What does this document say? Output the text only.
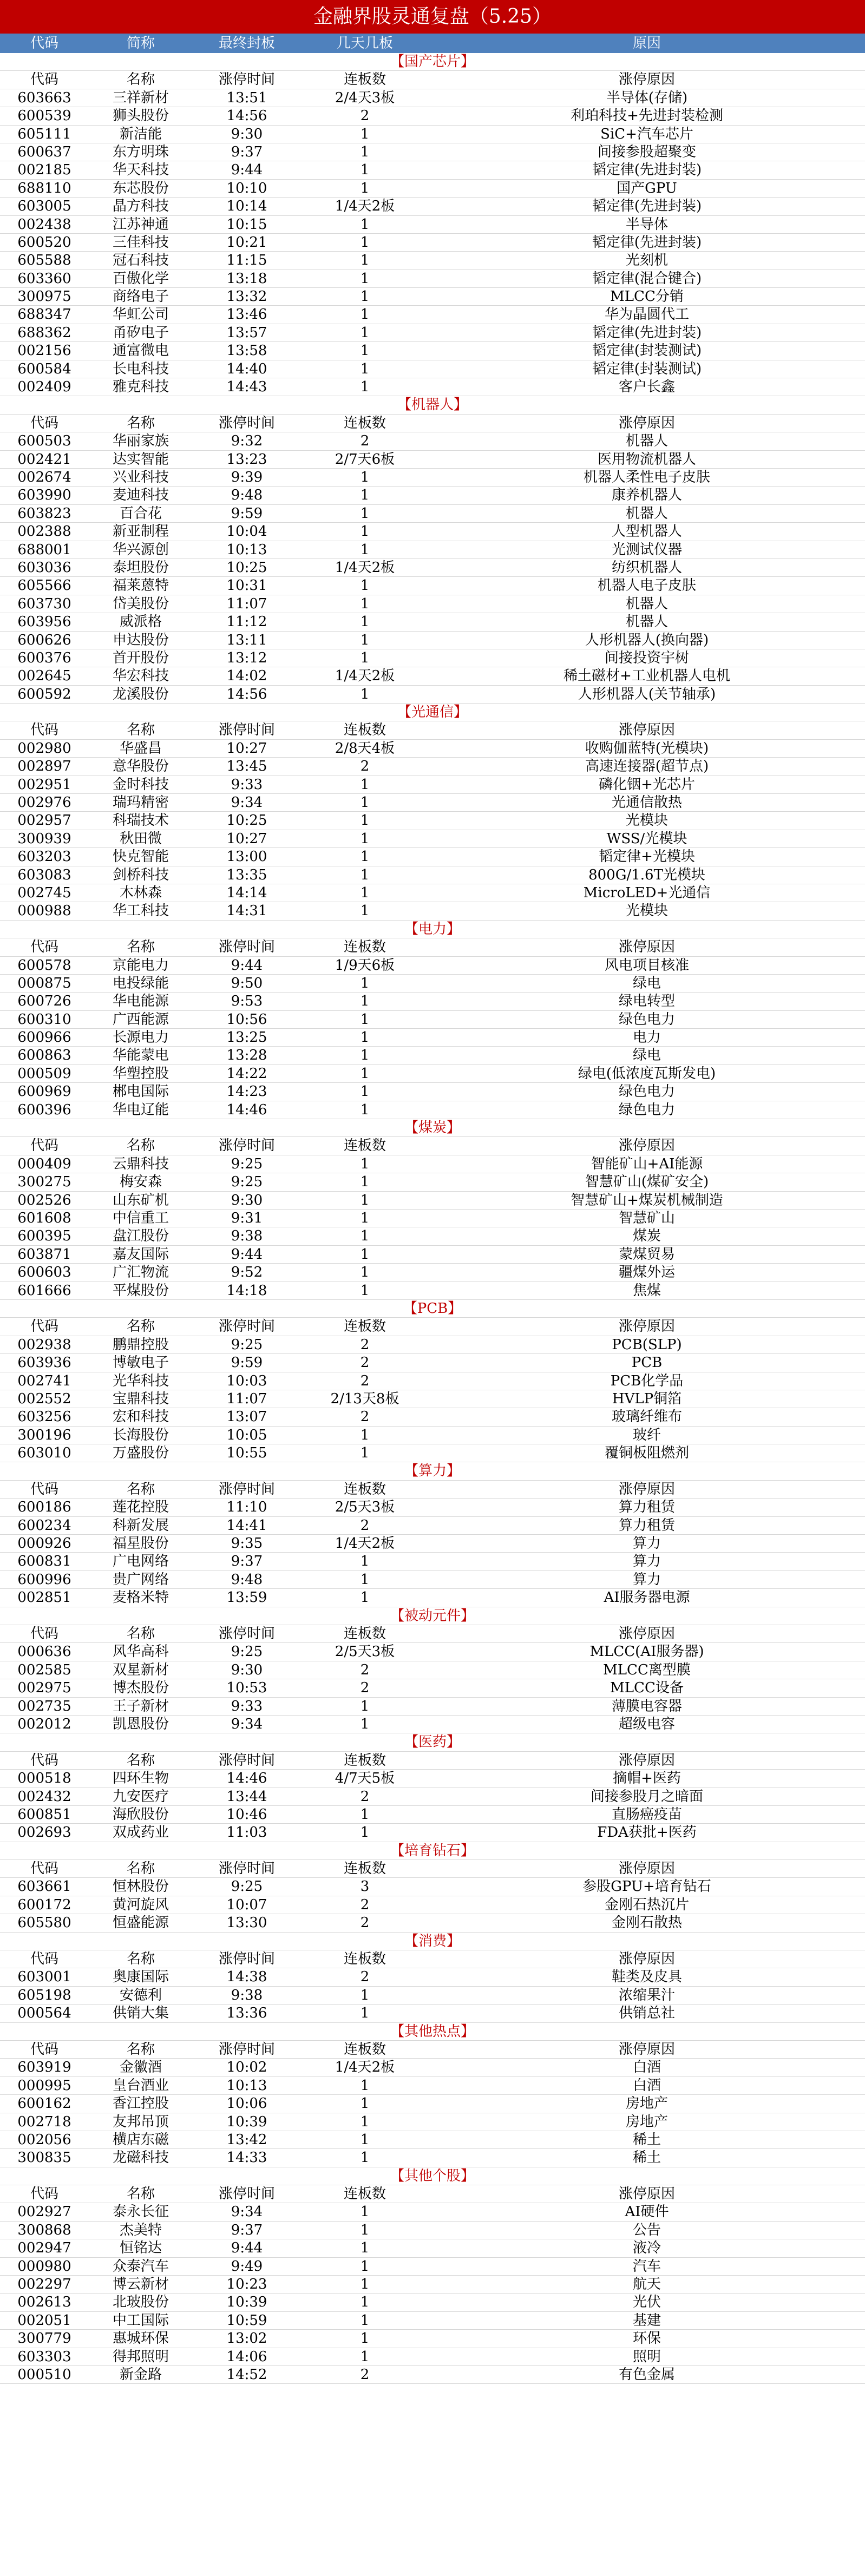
金融界股灵通复盘（5.25）
代码	简称	最终封板	几天几板	原因
【国产芯片】
代码	名称	涨停时间	连板数	涨停原因
603663	三祥新材	13:51	2/4天3板	半导体(存储)
600539	狮头股份	14:56	2	利珀科技+先进封装检测
605111	新洁能	9:30	1	SiC+汽车芯片
600637	东方明珠	9:37	1	间接参股超聚变
002185	华天科技	9:44	1	韬定律(先进封装)
688110	东芯股份	10:10	1	国产GPU
603005	晶方科技	10:14	1/4天2板	韬定律(先进封装)
002438	江苏神通	10:15	1	半导体
600520	三佳科技	10:21	1	韬定律(先进封装)
605588	冠石科技	11:15	1	光刻机
603360	百傲化学	13:18	1	韬定律(混合键合)
300975	商络电子	13:32	1	MLCC分销
688347	华虹公司	13:46	1	华为晶圆代工
688362	甬矽电子	13:57	1	韬定律(先进封装)
002156	通富微电	13:58	1	韬定律(封装测试)
600584	长电科技	14:40	1	韬定律(封装测试)
002409	雅克科技	14:43	1	客户长鑫
【机器人】
代码	名称	涨停时间	连板数	涨停原因
600503	华丽家族	9:32	2	机器人
002421	达实智能	13:23	2/7天6板	医用物流机器人
002674	兴业科技	9:39	1	机器人柔性电子皮肤
603990	麦迪科技	9:48	1	康养机器人
603823	百合花	9:59	1	机器人
002388	新亚制程	10:04	1	人型机器人
688001	华兴源创	10:13	1	光测试仪器
603036	泰坦股份	10:25	1/4天2板	纺织机器人
605566	福莱蒽特	10:31	1	机器人电子皮肤
603730	岱美股份	11:07	1	机器人
603956	威派格	11:12	1	机器人
600626	申达股份	13:11	1	人形机器人(换向器)
600376	首开股份	13:12	1	间接投资宇树
002645	华宏科技	14:02	1/4天2板	稀土磁材+工业机器人电机
600592	龙溪股份	14:56	1	人形机器人(关节轴承)
【光通信】
代码	名称	涨停时间	连板数	涨停原因
002980	华盛昌	10:27	2/8天4板	收购伽蓝特(光模块)
002897	意华股份	13:45	2	高速连接器(超节点)
002951	金时科技	9:33	1	磷化铟+光芯片
002976	瑞玛精密	9:34	1	光通信散热
002957	科瑞技术	10:25	1	光模块
300939	秋田微	10:27	1	WSS/光模块
603203	快克智能	13:00	1	韬定律+光模块
603083	剑桥科技	13:35	1	800G/1.6T光模块
002745	木林森	14:14	1	MicroLED+光通信
000988	华工科技	14:31	1	光模块
【电力】
代码	名称	涨停时间	连板数	涨停原因
600578	京能电力	9:44	1/9天6板	风电项目核准
000875	电投绿能	9:50	1	绿电
600726	华电能源	9:53	1	绿电转型
600310	广西能源	10:56	1	绿色电力
600966	长源电力	13:25	1	电力
600863	华能蒙电	13:28	1	绿电
000509	华塑控股	14:22	1	绿电(低浓度瓦斯发电)
600969	郴电国际	14:23	1	绿色电力
600396	华电辽能	14:46	1	绿色电力
【煤炭】
代码	名称	涨停时间	连板数	涨停原因
000409	云鼎科技	9:25	1	智能矿山+AI能源
300275	梅安森	9:25	1	智慧矿山(煤矿安全)
002526	山东矿机	9:30	1	智慧矿山+煤炭机械制造
601608	中信重工	9:31	1	智慧矿山
600395	盘江股份	9:38	1	煤炭
603871	嘉友国际	9:44	1	蒙煤贸易
600603	广汇物流	9:52	1	疆煤外运
601666	平煤股份	14:18	1	焦煤
【PCB】
代码	名称	涨停时间	连板数	涨停原因
002938	鹏鼎控股	9:25	2	PCB(SLP)
603936	博敏电子	9:59	2	PCB
002741	光华科技	10:03	2	PCB化学品
002552	宝鼎科技	11:07	2/13天8板	HVLP铜箔
603256	宏和科技	13:07	2	玻璃纤维布
300196	长海股份	10:05	1	玻纤
603010	万盛股份	10:55	1	覆铜板阻燃剂
【算力】
代码	名称	涨停时间	连板数	涨停原因
600186	莲花控股	11:10	2/5天3板	算力租赁
600234	科新发展	14:41	2	算力租赁
000926	福星股份	9:35	1/4天2板	算力
600831	广电网络	9:37	1	算力
600996	贵广网络	9:48	1	算力
002851	麦格米特	13:59	1	AI服务器电源
【被动元件】
代码	名称	涨停时间	连板数	涨停原因
000636	风华高科	9:25	2/5天3板	MLCC(AI服务器)
002585	双星新材	9:30	2	MLCC离型膜
002975	博杰股份	10:53	2	MLCC设备
002735	王子新材	9:33	1	薄膜电容器
002012	凯恩股份	9:34	1	超级电容
【医药】
代码	名称	涨停时间	连板数	涨停原因
000518	四环生物	14:46	4/7天5板	摘帽+医药
002432	九安医疗	13:44	2	间接参股月之暗面
600851	海欣股份	10:46	1	直肠癌疫苗
002693	双成药业	11:03	1	FDA获批+医药
【培育钻石】
代码	名称	涨停时间	连板数	涨停原因
603661	恒林股份	9:25	3	参股GPU+培育钻石
600172	黄河旋风	10:07	2	金刚石热沉片
605580	恒盛能源	13:30	2	金刚石散热
【消费】
代码	名称	涨停时间	连板数	涨停原因
603001	奥康国际	14:38	2	鞋类及皮具
605198	安德利	9:38	1	浓缩果汁
000564	供销大集	13:36	1	供销总社
【其他热点】
代码	名称	涨停时间	连板数	涨停原因
603919	金徽酒	10:02	1/4天2板	白酒
000995	皇台酒业	10:13	1	白酒
600162	香江控股	10:06	1	房地产
002718	友邦吊顶	10:39	1	房地产
002056	横店东磁	13:42	1	稀土
300835	龙磁科技	14:33	1	稀土
【其他个股】
代码	名称	涨停时间	连板数	涨停原因
002927	泰永长征	9:34	1	AI硬件
300868	杰美特	9:37	1	公告
002947	恒铭达	9:44	1	液冷
000980	众泰汽车	9:49	1	汽车
002297	博云新材	10:23	1	航天
002613	北玻股份	10:39	1	光伏
002051	中工国际	10:59	1	基建
300779	惠城环保	13:02	1	环保
603303	得邦照明	14:06	1	照明
000510	新金路	14:52	2	有色金属
